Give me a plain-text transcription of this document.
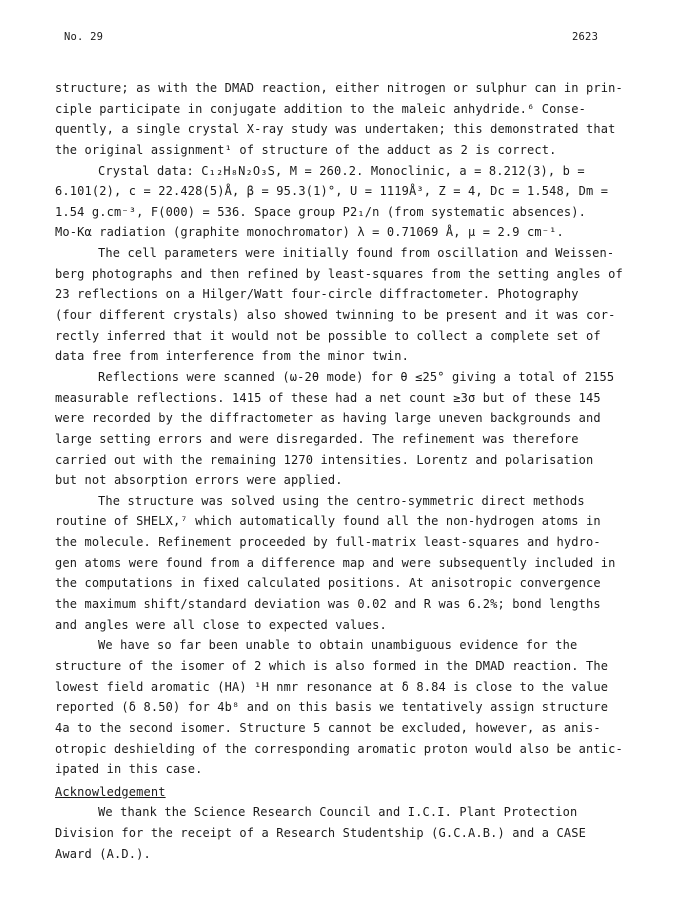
No. 29	2623
structure; as with the DMAD reaction, either nitrogen or sulphur can in prin-
ciple participate in conjugate addition to the maleic anhydride.⁶ Conse-
quently, a single crystal X-ray study was undertaken; this demonstrated that
the original assignment¹ of structure of the adduct as 2 is correct.
Crystal data: C₁₂H₈N₂O₃S, M = 260.2. Monoclinic, a = 8.212(3), b =
6.101(2), c = 22.428(5)Å, β = 95.3(1)°, U = 1119Å³, Z = 4, Dc = 1.548, Dm =
1.54 g.cm⁻³, F(000) = 536. Space group P2₁/n (from systematic absences).
Mo-Kα radiation (graphite monochromator) λ = 0.71069 Å, μ = 2.9 cm⁻¹.
The cell parameters were initially found from oscillation and Weissen-
berg photographs and then refined by least-squares from the setting angles of
23 reflections on a Hilger/Watt four-circle diffractometer. Photography
(four different crystals) also showed twinning to be present and it was cor-
rectly inferred that it would not be possible to collect a complete set of
data free from interference from the minor twin.
Reflections were scanned (ω-2θ mode) for θ ≤25° giving a total of 2155
measurable reflections. 1415 of these had a net count ≥3σ but of these 145
were recorded by the diffractometer as having large uneven backgrounds and
large setting errors and were disregarded. The refinement was therefore
carried out with the remaining 1270 intensities. Lorentz and polarisation
but not absorption errors were applied.
The structure was solved using the centro-symmetric direct methods
routine of SHELX,⁷ which automatically found all the non-hydrogen atoms in
the molecule. Refinement proceeded by full-matrix least-squares and hydro-
gen atoms were found from a difference map and were subsequently included in
the computations in fixed calculated positions. At anisotropic convergence
the maximum shift/standard deviation was 0.02 and R was 6.2%; bond lengths
and angles were all close to expected values.
We have so far been unable to obtain unambiguous evidence for the
structure of the isomer of 2 which is also formed in the DMAD reaction. The
lowest field aromatic (HA) ¹H nmr resonance at δ 8.84 is close to the value
reported (δ 8.50) for 4b⁸ and on this basis we tentatively assign structure
4a to the second isomer. Structure 5 cannot be excluded, however, as anis-
otropic deshielding of the corresponding aromatic proton would also be antic-
ipated in this case.
Acknowledgement
We thank the Science Research Council and I.C.I. Plant Protection
Division for the receipt of a Research Studentship (G.C.A.B.) and a CASE
Award (A.D.).
